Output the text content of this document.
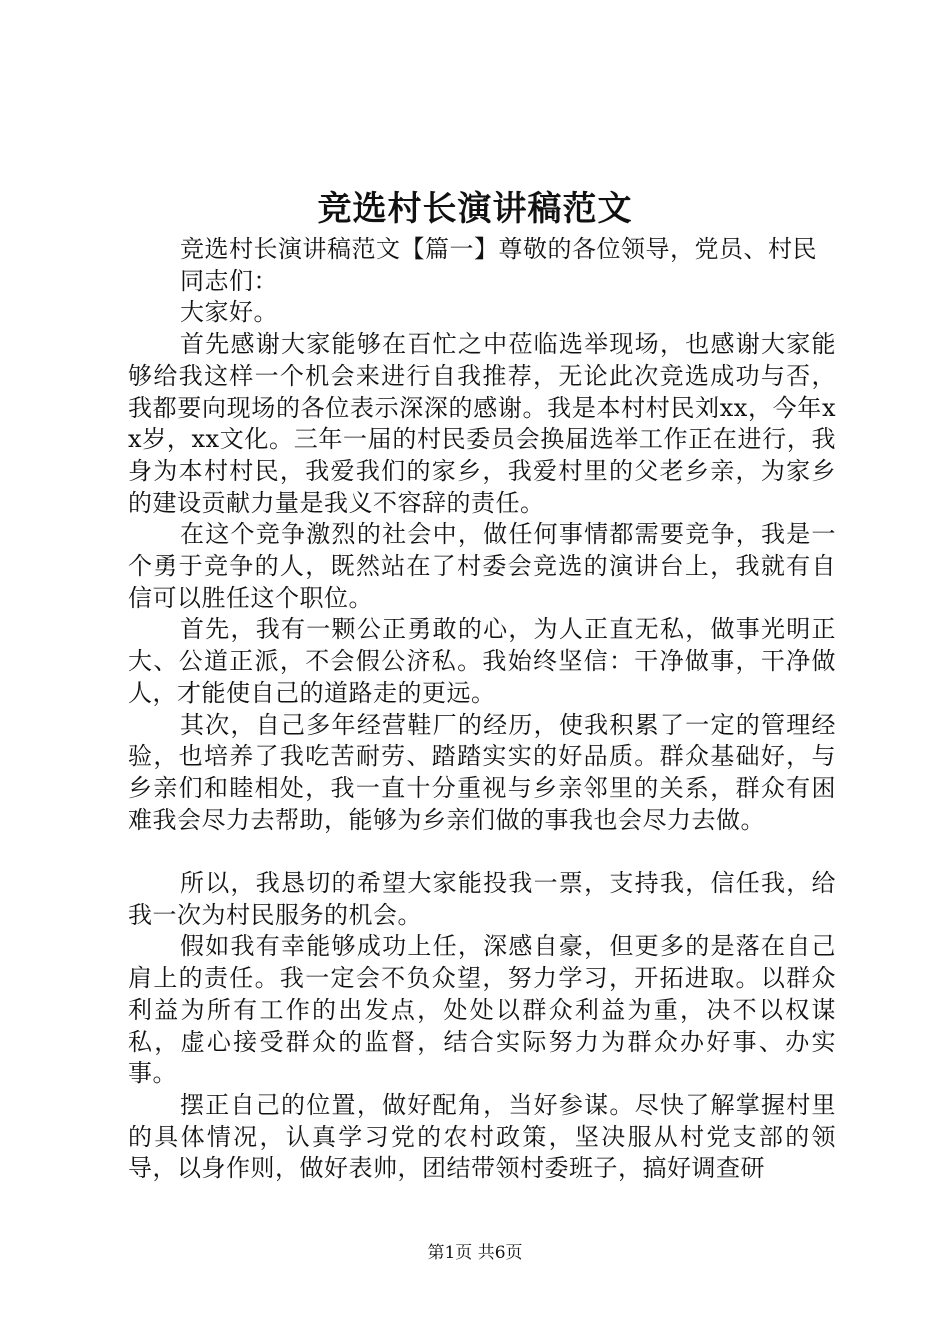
竞选村长演讲稿范文

竞选村长演讲稿范文【篇一】尊敬的各位领导，党员、村民

同志们：

大家好。

首先感谢大家能够在百忙之中莅临选举现场，也感谢大家能够给我这样一个机会来进行自我推荐，无论此次竞选成功与否，我都要向现场的各位表示深深的感谢。我是本村村民刘xx，今年xx岁，xx文化。三年一届的村民委员会换届选举工作正在进行，我身为本村村民，我爱我们的家乡，我爱村里的父老乡亲，为家乡的建设贡献力量是我义不容辞的责任。

在这个竞争激烈的社会中，做任何事情都需要竞争，我是一个勇于竞争的人，既然站在了村委会竞选的演讲台上，我就有自信可以胜任这个职位。

首先，我有一颗公正勇敢的心，为人正直无私，做事光明正大、公道正派，不会假公济私。我始终坚信：干净做事，干净做人，才能使自己的道路走的更远。

其次，自己多年经营鞋厂的经历，使我积累了一定的管理经验，也培养了我吃苦耐劳、踏踏实实的好品质。群众基础好，与乡亲们和睦相处，我一直十分重视与乡亲邻里的关系，群众有困难我会尽力去帮助，能够为乡亲们做的事我也会尽力去做。

所以，我恳切的希望大家能投我一票，支持我，信任我，给我一次为村民服务的机会。

假如我有幸能够成功上任，深感自豪，但更多的是落在自己肩上的责任。我一定会不负众望，努力学习，开拓进取。以群众利益为所有工作的出发点，处处以群众利益为重，决不以权谋私，虚心接受群众的监督，结合实际努力为群众办好事、办实事。

摆正自己的位置，做好配角，当好参谋。尽快了解掌握村里的具体情况，认真学习党的农村政策，坚决服从村党支部的领导，以身作则，做好表帅，团结带领村委班子，搞好调查研

第1页 共6页
